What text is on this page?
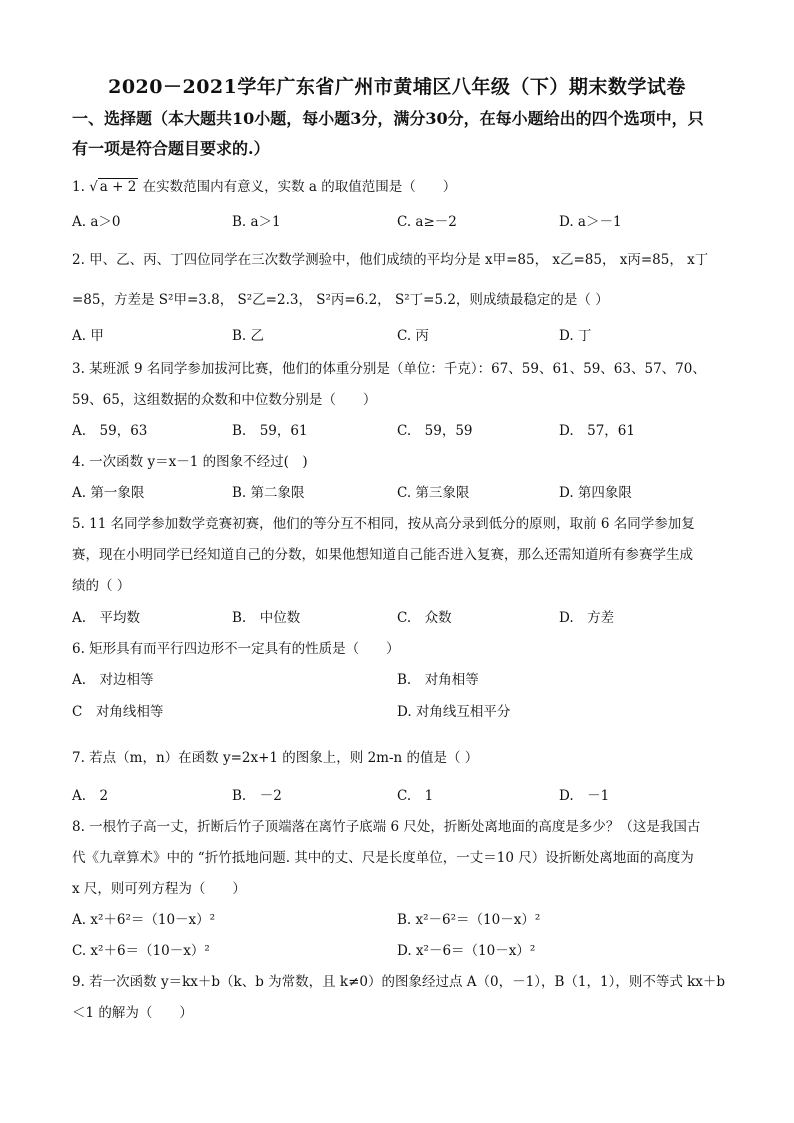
2020－2021学年广东省广州市黄埔区八年级（下）期末数学试卷
一、选择题（本大题共10小题，每小题3分，满分30分，在每小题给出的四个选项中，只
有一项是符合题目要求的.）
1. √ a + 2 在实数范围内有意义，实数 a 的取值范围是（　　）
A. a＞0	B. a＞1	C. a≥－2	D. a＞－1
2. 甲、乙、丙、丁四位同学在三次数学测验中，他们成绩的平均分是 x甲=85， x乙=85， x丙=85， x丁
=85，方差是 S²甲=3.8， S²乙=2.3， S²丙=6.2， S²丁=5.2，则成绩最稳定的是（ ）
A. 甲	B. 乙	C. 丙	D. 丁
3. 某班派 9 名同学参加拔河比赛，他们的体重分别是（单位：千克）：67、59、61、59、63、57、70、
59、65，这组数据的众数和中位数分别是（　　）
A.　59，63	B.　59，61	C.　59，59	D.　57，61
4. 一次函数 y＝x－1 的图象不经过(　)
A. 第一象限	B. 第二象限	C. 第三象限	D. 第四象限
5. 11 名同学参加数学竞赛初赛，他们的等分互不相同，按从高分录到低分的原则，取前 6 名同学参加复
赛，现在小明同学已经知道自己的分数，如果他想知道自己能否进入复赛，那么还需知道所有参赛学生成
绩的（ ）
A.　平均数	B.　中位数	C.　众数	D.　方差
6. 矩形具有而平行四边形不一定具有的性质是（　　）
A.　对边相等	B.　对角相等
C　对角线相等	D. 对角线互相平分
7. 若点（m，n）在函数 y=2x+1 的图象上，则 2m-n 的值是（ ）
A.　2	B.　－2	C.　1	D.　－1
8. 一根竹子高一丈，折断后竹子顶端落在离竹子底端 6 尺处，折断处离地面的高度是多少？（这是我国古
代《九章算术》中的 “折竹抵地问题. 其中的丈、尺是长度单位，一丈＝10 尺）设折断处离地面的高度为
x 尺，则可列方程为（　　）
A. x²＋6²＝（10－x）²	B. x²－6²＝（10－x）²
C. x²＋6＝（10－x）²	D. x²－6＝（10－x）²
9. 若一次函数 y＝kx＋b（k、b 为常数，且 k≠0）的图象经过点 A（0，－1），B（1，1），则不等式 kx＋b
＜1 的解为（　　）
